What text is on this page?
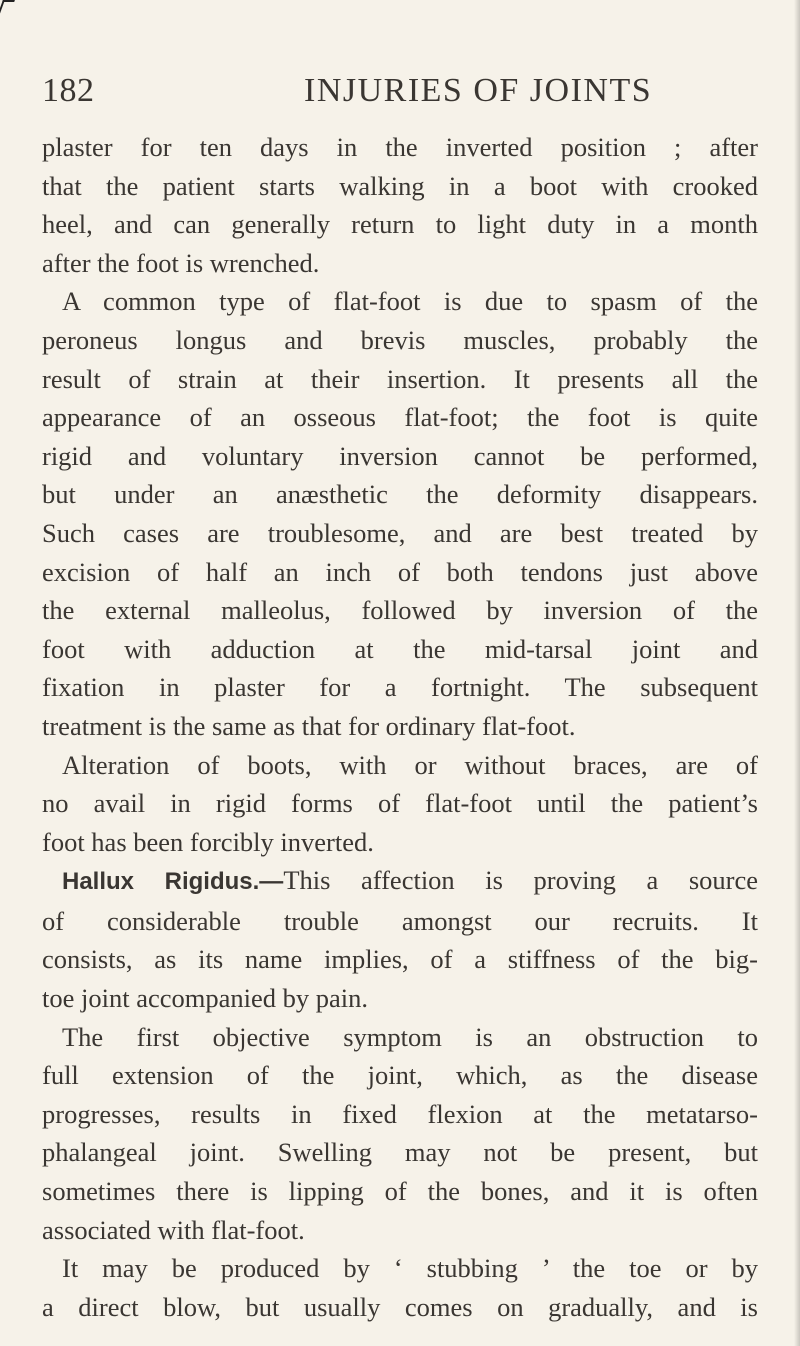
182	INJURIES OF JOINTS
plaster for ten days in the inverted position ; after
that the patient starts walking in a boot with crooked
heel, and can generally return to light duty in a month
after the foot is wrenched.
A common type of flat-foot is due to spasm of the
peroneus longus and brevis muscles, probably the
result of strain at their insertion. It presents all the
appearance of an osseous flat-foot; the foot is quite
rigid and voluntary inversion cannot be performed,
but under an anæsthetic the deformity disappears.
Such cases are troublesome, and are best treated by
excision of half an inch of both tendons just above
the external malleolus, followed by inversion of the
foot with adduction at the mid-tarsal joint and
fixation in plaster for a fortnight. The subsequent
treatment is the same as that for ordinary flat-foot.
Alteration of boots, with or without braces, are of
no avail in rigid forms of flat-foot until the patient’s
foot has been forcibly inverted.
Hallux Rigidus.—This affection is proving a source
of considerable trouble amongst our recruits. It
consists, as its name implies, of a stiffness of the big-
toe joint accompanied by pain.
The first objective symptom is an obstruction to
full extension of the joint, which, as the disease
progresses, results in fixed flexion at the metatarso-
phalangeal joint. Swelling may not be present, but
sometimes there is lipping of the bones, and it is often
associated with flat-foot.
It may be produced by ‘ stubbing ’ the toe or by
a direct blow, but usually comes on gradually, and is
